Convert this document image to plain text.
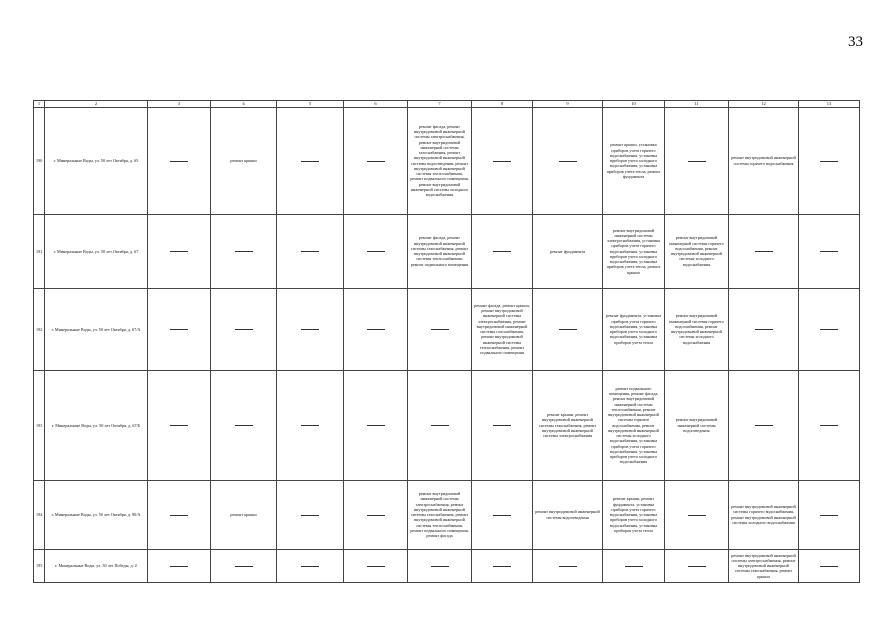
33
1	2	3	4	5	6	7	8	9	10	11	12	13
190	г. Минеральные Воды, ул. 50 лет Октября, д. 65		ремонт крыши			ремонт фасада, ремонт внутридомовой инженерной системы электроснабжения, ремонт внутридомовой инженерной системы газоснабжения, ремонт внутридомовой инженерной системы водоотведения, ремонт внутридомовой инженерной системы теплоснабжения, ремонт подвального помещения, ремонт внутридомовой инженерной системы холодного водоснабжения			ремонт крыши, установка приборов учета горячего водоснабжения, установка приборов учета холодного водоснабжения, установка приборов учета тепла, ремонт фундамента		ремонт внутридомовой инженерной системы горячего водоснабжения	
191	г. Минеральные Воды, ул. 50 лет Октября, д. 67					ремонт фасада, ремонт внутридомовой инженерной системы газоснабжения, ремонт внутридомовой инженерной системы теплоснабжения, ремонт подвального помещения		ремонт фундамента	ремонт внутридомовой инженерной системы электроснабжения, установка приборов учета горячего водоснабжения, установка приборов учета холодного водоснабжения, установка приборов учета тепла, ремонт крыши	ремонт внутридомовой инженерной системы горячего водоснабжения, ремонт внутридомовой инженерной системы холодного водоснабжения		
192	г. Минеральные Воды, ул. 50 лет Октября, д. 67/А						ремонт фасада, ремонт крыши, ремонт внутридомовой инженерной системы электроснабжения, ремонт внутридомовой инженерной системы газоснабжения, ремонт внутридомовой инженерной системы теплоснабжения, ремонт подвального помещения		ремонт фундамента, установка приборов учета горячего водоснабжения, установка приборов учета холодного водоснабжения, установка приборов учета тепла	ремонт внутридомовой инженерной системы горячего водоснабжения, ремонт внутридомовой инженерной системы холодного водоснабжения		
193	г. Минеральные Воды, ул. 50 лет Октября, д. 67/Б							ремонт крыши, ремонт внутридомовой инженерной системы газоснабжения, ремонт внутридомовой инженерной системы электроснабжения	ремонт подвального помещения, ремонт фасада, ремонт внутридомовой инженерной системы теплоснабжения, ремонт внутридомовой инженерной системы горячего водоснабжения, ремонт внутридомовой инженерной системы холодного водоснабжения, установка приборов учета горячего водоснабжения, установка приборов учета холодного водоснабжения	ремонт внутридомовой инженерной системы водоотведения		
194	г. Минеральные Воды, ул. 50 лет Октября, д. 90/А		ремонт крыши			ремонт внутридомовой инженерной системы электроснабжения, ремонт внутридомовой инженерной системы газоснабжения, ремонт внутридомовой инженерной системы теплоснабжения, ремонт подвального помещения, ремонт фасада		ремонт внутридомовой инженерной системы водоотведения	ремонт крыши, ремонт фундамента, установка приборов учета горячего водоснабжения, установка приборов учета холодного водоснабжения, установка приборов учета тепла		ремонт внутридомовой инженерной системы горячего водоснабжения, ремонт внутридомовой инженерной системы холодного водоснабжения	
195	г. Минеральные Воды, ул. 30 лет Победы, д. 2										ремонт внутридомовой инженерной системы электроснабжения, ремонт внутридомовой инженерной системы газоснабжения, ремонт крыши	
